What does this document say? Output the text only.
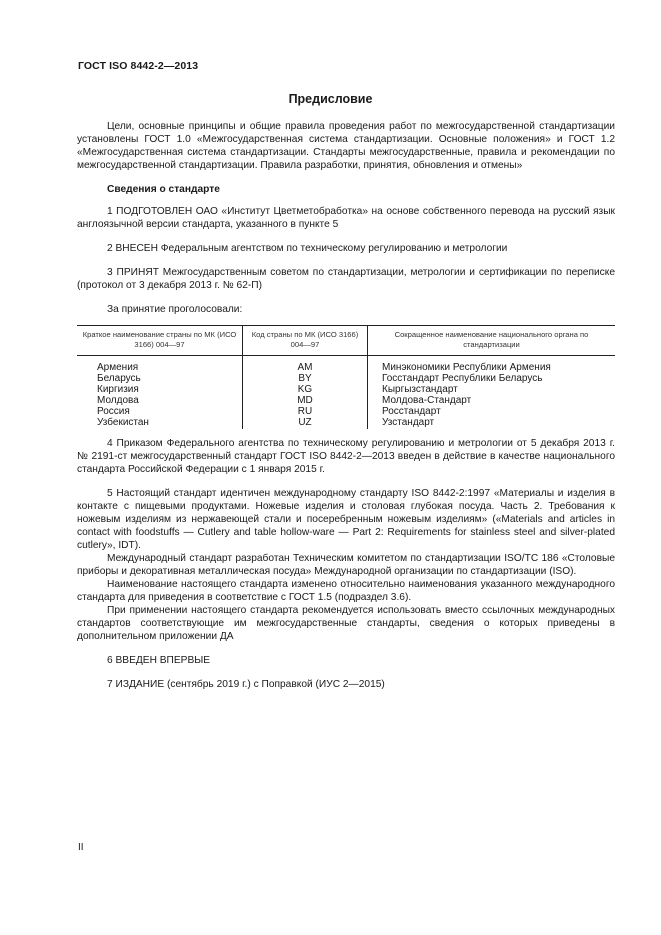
ГОСТ ISO 8442-2—2013
Предисловие

Цели, основные принципы и общие правила проведения работ по межгосударственной стандартизации установлены ГОСТ 1.0 «Межгосударственная система стандартизации. Основные положения» и ГОСТ 1.2 «Межгосударственная система стандартизации. Стандарты межгосударственные, правила и рекомендации по межгосударственной стандартизации. Правила разработки, принятия, обновления и отмены»

Сведения о стандарте

1 ПОДГОТОВЛЕН ОАО «Институт Цветметобработка» на основе собственного перевода на русский язык англоязычной версии стандарта, указанного в пункте 5

2 ВНЕСЕН Федеральным агентством по техническому регулированию и метрологии

3 ПРИНЯТ Межгосударственным советом по стандартизации, метрологии и сертификации по переписке (протокол от 3 декабря 2013 г. № 62-П)

За принятие проголосовали:

Краткое наименование страны по МК (ИСО 3166) 004—97	Код страны по МК (ИСО 3166) 004—97	Сокращенное наименование национального органа по стандартизации
Армения	AM	Минэкономики Республики Армения
Беларусь	BY	Госстандарт Республики Беларусь
Киргизия	KG	Кыргызстандарт
Молдова	MD	Молдова-Стандарт
Россия	RU	Росстандарт
Узбекистан	UZ	Узстандарт

4 Приказом Федерального агентства по техническому регулированию и метрологии от 5 декабря 2013 г. № 2191-ст межгосударственный стандарт ГОСТ ISO 8442-2—2013 введен в действие в качестве национального стандарта Российской Федерации с 1 января 2015 г.

5 Настоящий стандарт идентичен международному стандарту ISO 8442-2:1997 «Материалы и изделия в контакте с пищевыми продуктами. Ножевые изделия и столовая глубокая посуда. Часть 2. Требования к ножевым изделиям из нержавеющей стали и посеребренным ножевым изделиям» («Materials and articles in contact with foodstuffs — Cutlery and table hollow-ware — Part 2: Requirements for stainless steel and silver-plated cutlery», IDT).

Международный стандарт разработан Техническим комитетом по стандартизации ISO/TC 186 «Столовые приборы и декоративная металлическая посуда» Международной организации по стандартизации (ISO).

Наименование настоящего стандарта изменено относительно наименования указанного международного стандарта для приведения в соответствие с ГОСТ 1.5 (подраздел 3.6).

При применении настоящего стандарта рекомендуется использовать вместо ссылочных международных стандартов соответствующие им межгосударственные стандарты, сведения о которых приведены в дополнительном приложении ДА

6 ВВЕДЕН ВПЕРВЫЕ

7 ИЗДАНИЕ (сентябрь 2019 г.) с Поправкой (ИУС 2—2015)

II
